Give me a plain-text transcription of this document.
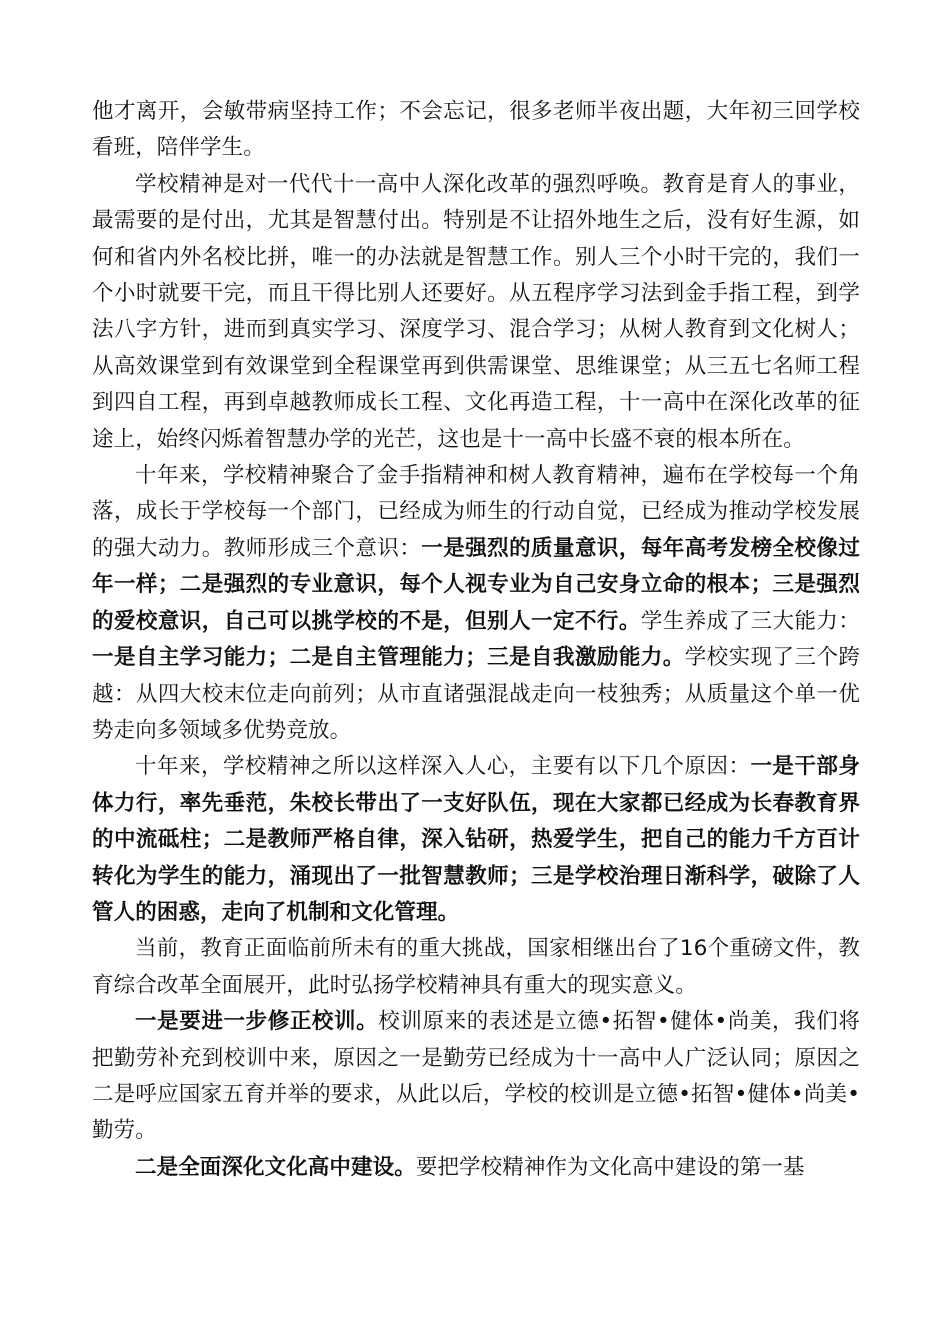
他才离开，会敏带病坚持工作；不会忘记，很多老师半夜出题，大年初三回学校看班，陪伴学生。

学校精神是对一代代十一高中人深化改革的强烈呼唤。教育是育人的事业，最需要的是付出，尤其是智慧付出。特别是不让招外地生之后，没有好生源，如何和省内外名校比拼，唯一的办法就是智慧工作。别人三个小时干完的，我们一个小时就要干完，而且干得比别人还要好。从五程序学习法到金手指工程，到学法八字方针，进而到真实学习、深度学习、混合学习；从树人教育到文化树人；从高效课堂到有效课堂到全程课堂再到供需课堂、思维课堂；从三五七名师工程到四自工程，再到卓越教师成长工程、文化再造工程，十一高中在深化改革的征途上，始终闪烁着智慧办学的光芒，这也是十一高中长盛不衰的根本所在。

十年来，学校精神聚合了金手指精神和树人教育精神，遍布在学校每一个角落，成长于学校每一个部门，已经成为师生的行动自觉，已经成为推动学校发展的强大动力。教师形成三个意识：一是强烈的质量意识，每年高考发榜全校像过年一样；二是强烈的专业意识，每个人视专业为自己安身立命的根本；三是强烈的爱校意识，自己可以挑学校的不是，但别人一定不行。学生养成了三大能力：一是自主学习能力；二是自主管理能力；三是自我激励能力。学校实现了三个跨越：从四大校末位走向前列；从市直诸强混战走向一枝独秀；从质量这个单一优势走向多领域多优势竞放。

十年来，学校精神之所以这样深入人心，主要有以下几个原因：一是干部身体力行，率先垂范，朱校长带出了一支好队伍，现在大家都已经成为长春教育界的中流砥柱；二是教师严格自律，深入钻研，热爱学生，把自己的能力千方百计转化为学生的能力，涌现出了一批智慧教师；三是学校治理日渐科学，破除了人管人的困惑，走向了机制和文化管理。

当前，教育正面临前所未有的重大挑战，国家相继出台了16个重磅文件，教育综合改革全面展开，此时弘扬学校精神具有重大的现实意义。

一是要进一步修正校训。校训原来的表述是立德•拓智•健体•尚美，我们将把勤劳补充到校训中来，原因之一是勤劳已经成为十一高中人广泛认同；原因之二是呼应国家五育并举的要求，从此以后，学校的校训是立德•拓智•健体•尚美•勤劳。

二是全面深化文化高中建设。要把学校精神作为文化高中建设的第一基
